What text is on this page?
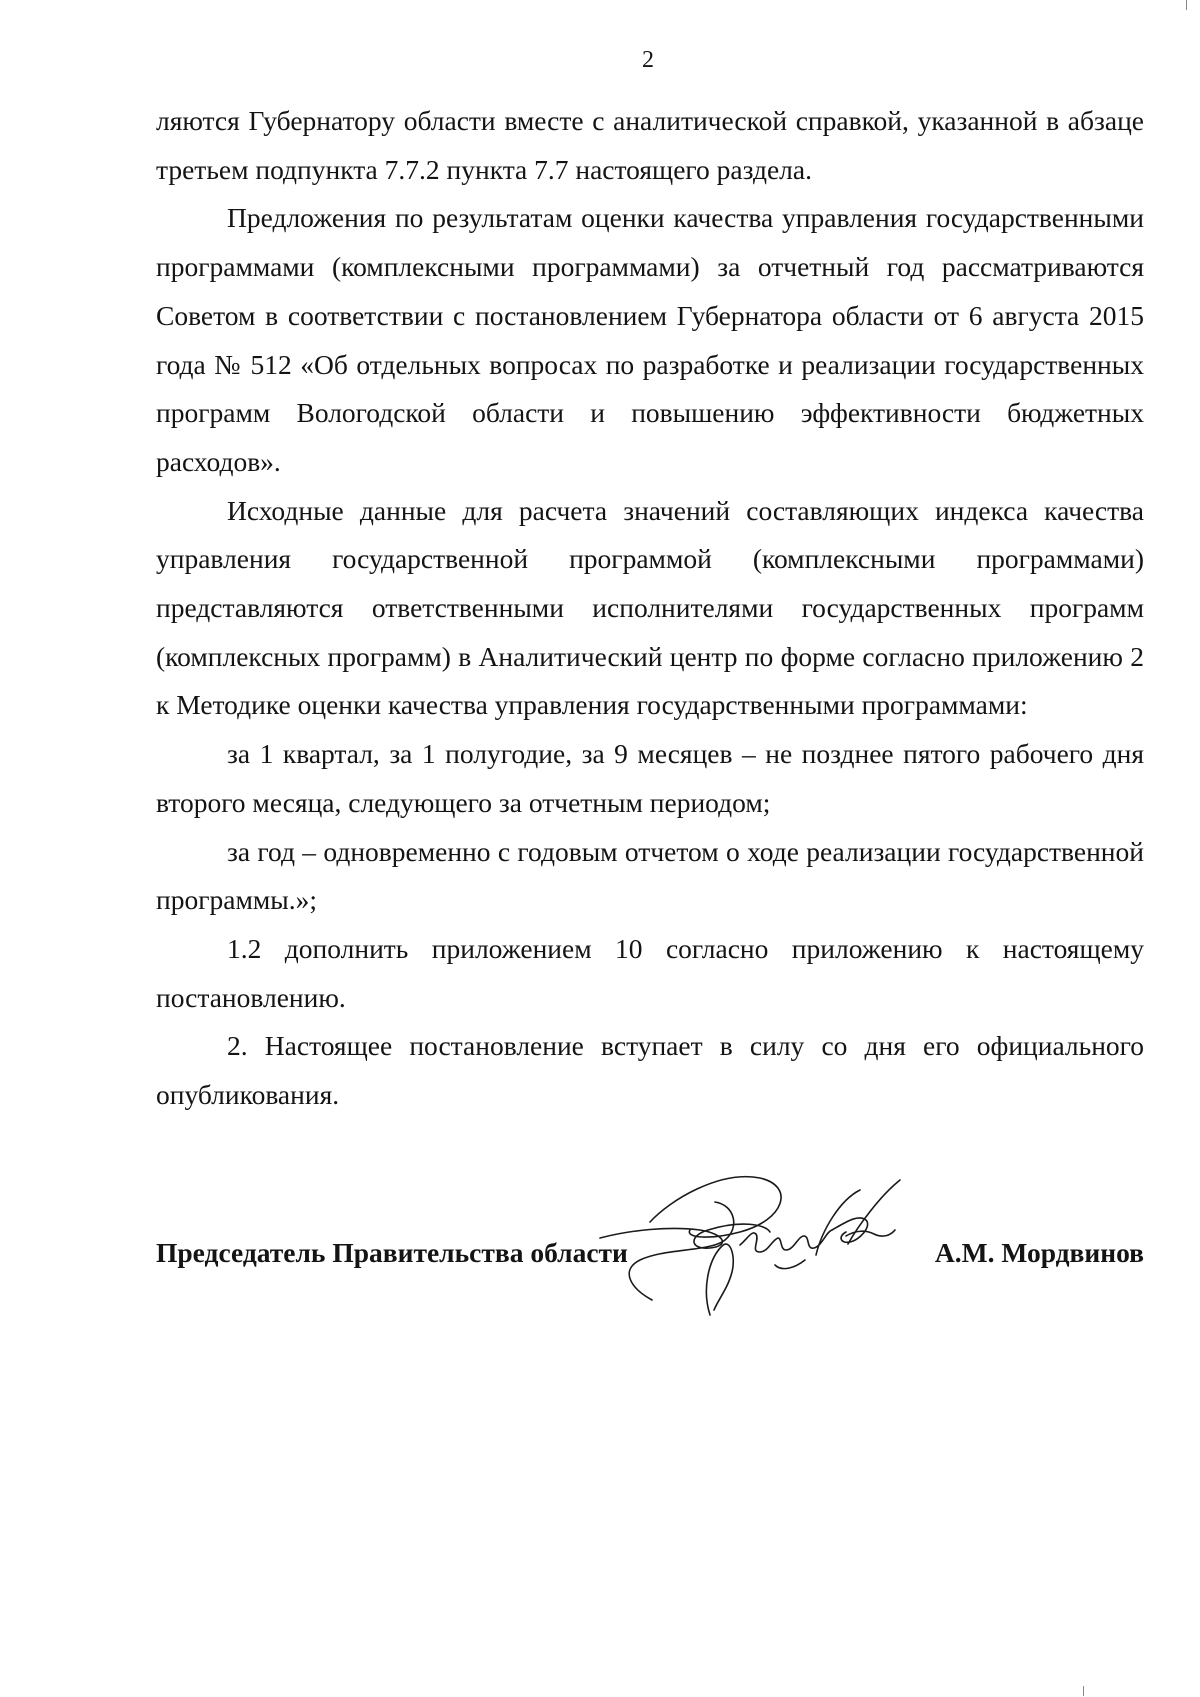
2

ляются Губернатору области вместе с аналитической справкой, указанной в абзаце третьем подпункта 7.7.2 пункта 7.7 настоящего раздела.

Предложения по результатам оценки качества управления государственными программами (комплексными программами) за отчетный год рассматриваются Советом в соответствии с постановлением Губернатора области от 6 августа 2015 года № 512 «Об отдельных вопросах по разработке и реализации государственных программ Вологодской области и повышению эффективности бюджетных расходов».

Исходные данные для расчета значений составляющих индекса качества управления государственной программой (комплексными программами) представляются ответственными исполнителями государственных программ (комплексных программ) в Аналитический центр по форме согласно приложению 2 к Методике оценки качества управления государственными программами:

за 1 квартал, за 1 полугодие, за 9 месяцев – не позднее пятого рабочего дня второго месяца, следующего за отчетным периодом;

за год – одновременно с годовым отчетом о ходе реализации государственной программы.»;

1.2 дополнить приложением 10 согласно приложению к настоящему постановлению.

2. Настоящее постановление вступает в силу со дня его официального опубликования.

Председатель Правительства области	А.М. Мордвинов
